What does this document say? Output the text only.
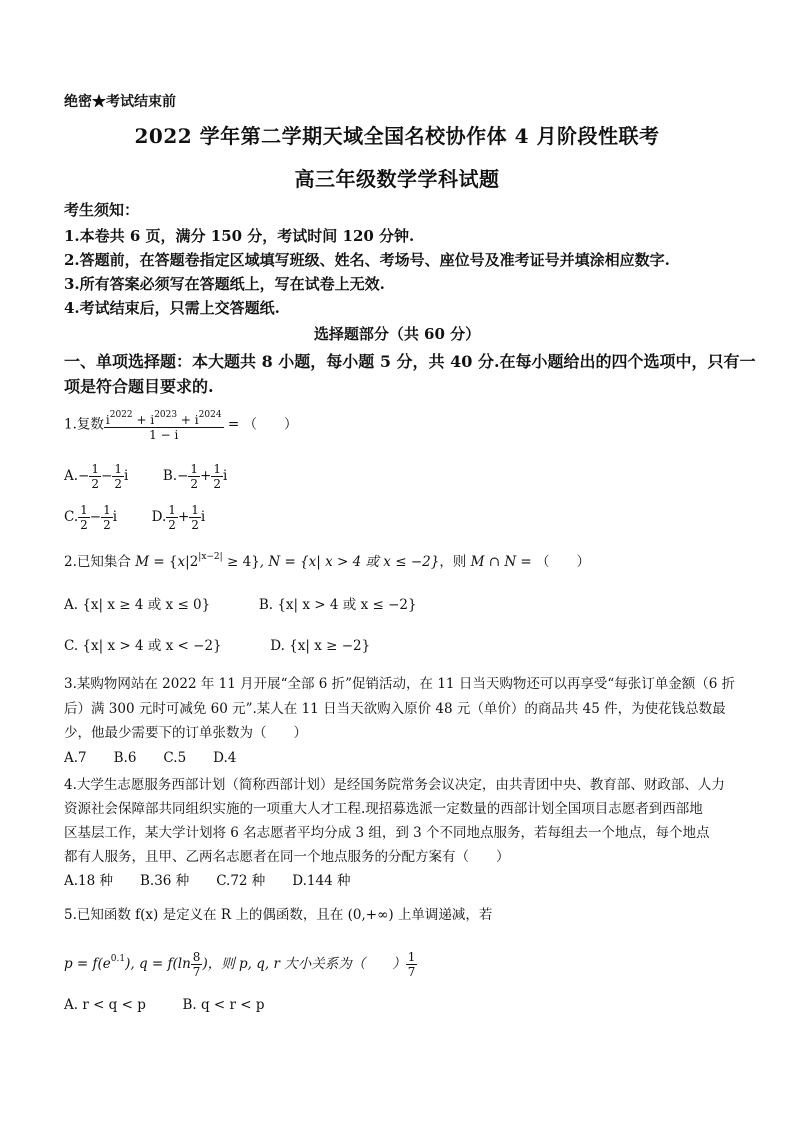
绝密★考试结束前
2022 学年第二学期天域全国名校协作体 4 月阶段性联考
高三年级数学学科试题
考生须知：
1.本卷共 6 页，满分 150 分，考试时间 120 分钟.
2.答题前，在答题卷指定区域填写班级、姓名、考场号、座位号及准考证号并填涂相应数字.
3.所有答案必须写在答题纸上，写在试卷上无效.
4.考试结束后，只需上交答题纸.
选择题部分（共 60 分）
一、单项选择题：本大题共 8 小题，每小题 5 分，共 40 分.在每小题给出的四个选项中，只有一
项是符合题目要求的.
1.复数 $\frac{i^{2022} + i^{2023} + i^{2024}}{1 - i}$ = （　　）
$A.- \frac{1}{2} - \frac{1}{2}$ i	$B.- \frac{1}{2} + \frac{1}{2}$ i
C. $\frac{1}{2} - \frac{1}{2}$ i	D. $\frac{1}{2} + \frac{1}{2}$ i
2.已知集合 $M = \{x|2^{|x-2|} \ge 4\}$, N = {x| x > 4 或 x ≤ −2}，则 M ∩ N = （　　）
A. {x| x ≥ 4 或 x ≤ 0}	B. {x| x > 4 或 x ≤ −2}
C. {x| x > 4 或 x < −2}	D. {x| x ≥ −2}
3.某购物网站在 2022 年 11 月开展“全部 6 折”促销活动，在 11 日当天购物还可以再享受“每张订单金额（6 折
后）满 300 元时可减免 60 元”.某人在 11 日当天欲购入原价 48 元（单价）的商品共 45 件，为使花钱总数最
少，他最少需要下的订单张数为（　　）
A.7　　B.6　　C.5　　D.4
4.大学生志愿服务西部计划（简称西部计划）是经国务院常务会议决定，由共青团中央、教育部、财政部、人力
资源社会保障部共同组织实施的一项重大人才工程.现招募选派一定数量的西部计划全国项目志愿者到西部地
区基层工作，某大学计划将 6 名志愿者平均分成 3 组，到 3 个不同地点服务，若每组去一个地点，每个地点
都有人服务，且甲、乙两名志愿者在同一个地点服务的分配方案有（　　）
A.18 种　　B.36 种　　C.72 种　　D.144 种
5.已知函数 f(x) 是定义在 R 上的偶函数，且在 (0,+∞) 上单调递减，若
$p = f(e^{0.1})$, $q = f(\ln \frac{8}{7}$ )，则 p, q, r 大小关系为（　　） $\frac{1}{7}$
A. r < q < p	B. q < r < p
